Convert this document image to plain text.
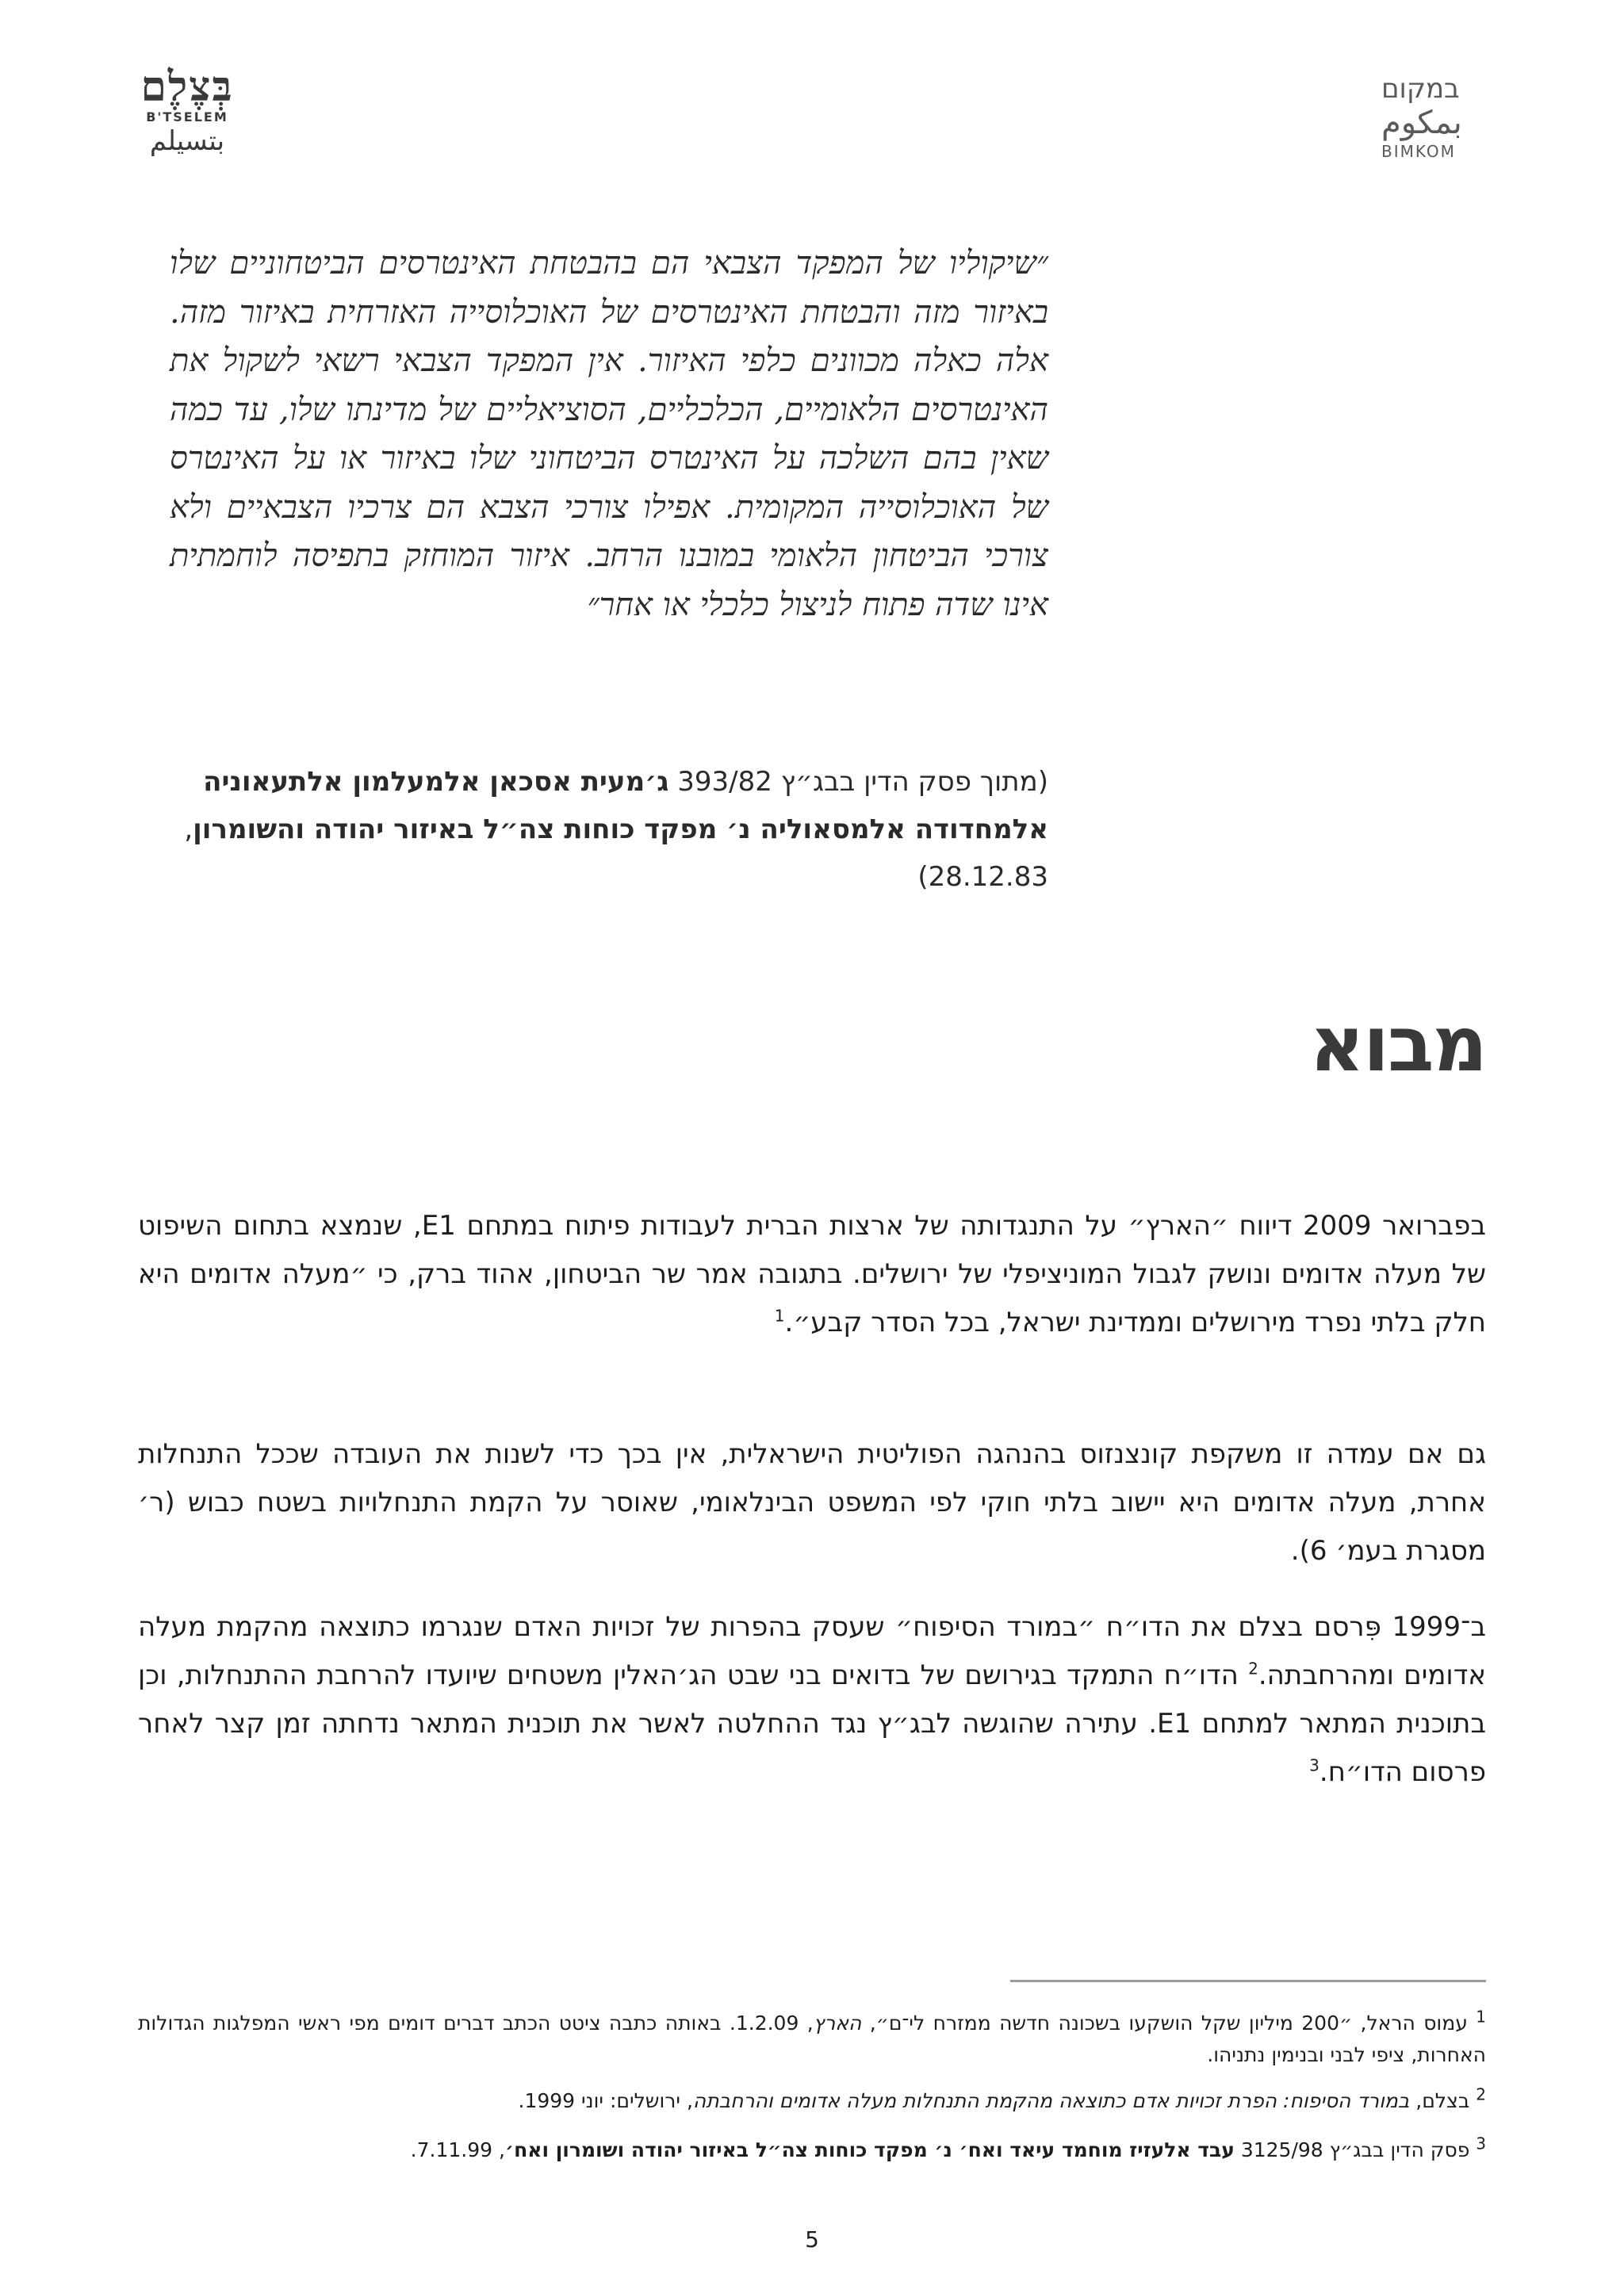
בְּצֶלֶם
B'TSELEM
بتسيلم
במקום
بمكوم
BIMKOM
״שיקוליו של המפקד הצבאי הם בהבטחת האינטרסים הביטחוניים שלו באיזור מזה והבטחת האינטרסים של האוכלוסייה האזרחית באיזור מזה. אלה כאלה מכוונים כלפי האיזור. אין המפקד הצבאי רשאי לשקול את האינטרסים הלאומיים, הכלכליים, הסוציאליים של מדינתו שלו, עד כמה שאין בהם השלכה על האינטרס הביטחוני שלו באיזור או על האינטרס של האוכלוסייה המקומית. אפילו צורכי הצבא הם צרכיו הצבאיים ולא צורכי הביטחון הלאומי במובנו הרחב. איזור המוחזק בתפיסה לוחמתית אינו שדה פתוח לניצול כלכלי או אחר״
(מתוך פסק הדין בבג״ץ 393/82 ג׳מעית אסכאן אלמעלמון אלתעאוניה אלמחדודה אלמסאוליה נ׳ מפקד כוחות צה״ל באיזור יהודה והשומרון, 28.12.83)
מבוא
בפברואר 2009 דיווח ״הארץ״ על התנגדותה של ארצות הברית לעבודות פיתוח במתחם E1, שנמצא בתחום השיפוט של מעלה אדומים ונושק לגבול המוניציפלי של ירושלים. בתגובה אמר שר הביטחון, אהוד ברק, כי ״מעלה אדומים היא חלק בלתי נפרד מירושלים וממדינת ישראל, בכל הסדר קבע״.$^1$
גם אם עמדה זו משקפת קונצנזוס בהנהגה הפוליטית הישראלית, אין בכך כדי לשנות את העובדה שככל התנחלות אחרת, מעלה אדומים היא יישוב בלתי חוקי לפי המשפט הבינלאומי, שאוסר על הקמת התנחלויות בשטח כבוש (ר׳ מסגרת בעמ׳ 6).
ב־1999 פִּרסם בצלם את הדו״ח ״במורד הסיפוח״ שעסק בהפרות של זכויות האדם שנגרמו כתוצאה מהקמת מעלה אדומים ומהרחבתה.$^2$ הדו״ח התמקד בגירושם של בדואים בני שבט הג׳האלין משטחים שיועדו להרחבת ההתנחלות, וכן בתוכנית המתאר למתחם E1. עתירה שהוגשה לבג״ץ נגד ההחלטה לאשר את תוכנית המתאר נדחתה זמן קצר לאחר פרסום הדו״ח.$^3$
$^1$ עמוס הראל, ״200 מיליון שקל הושקעו בשכונה חדשה ממזרח לי־ם״, הארץ, 1.2.09. באותה כתבה ציטט הכתב דברים דומים מפי ראשי המפלגות הגדולות האחרות, ציפי לבני ובנימין נתניהו.
$^2$ בצלם, במורד הסיפוח: הפרת זכויות אדם כתוצאה מהקמת התנחלות מעלה אדומים והרחבתה, ירושלים: יוני 1999.
$^3$ פסק הדין בבג״ץ 3125/98 עבד אלעזיז מוחמד עיאד ואח׳ נ׳ מפקד כוחות צה״ל באיזור יהודה ושומרון ואח׳, 7.11.99.
5
